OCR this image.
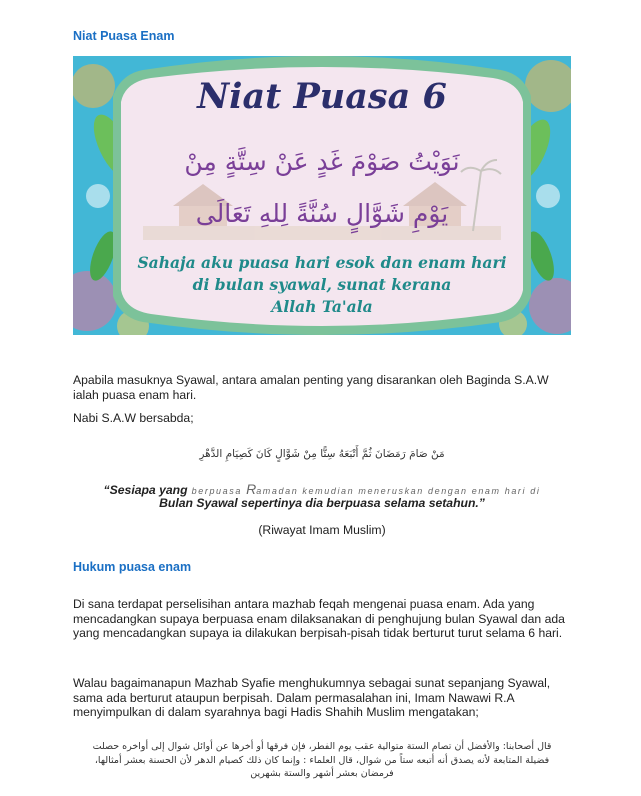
Niat Puasa Enam
Niat Puasa 6
نَوَيْتُ صَوْمَ غَدٍ عَنْ سِتَّةٍ مِنْ
يَوْمِ شَوَّالٍ سُنَّةً لِلهِ تَعَالَى
Sahaja aku puasa hari esok dan enam hari
di bulan syawal, sunat kerana
Allah Ta'ala
Apabila masuknya Syawal, antara amalan penting yang disarankan oleh Baginda S.A.W ialah puasa enam hari.
Nabi S.A.W bersabda;
مَنْ صَامَ رَمَضَانَ ثُمَّ أَتْبَعَهُ سِتًّا مِنْ شَوَّالٍ كَانَ كَصِيَامِ الدَّهْرِ
“Sesiapa yang berpuasa Ramadan kemudian meneruskan dengan enam hari di
Bulan Syawal sepertinya dia berpuasa selama setahun.”
(Riwayat Imam Muslim)
Hukum puasa enam
Di sana terdapat perselisihan antara mazhab feqah mengenai puasa enam. Ada yang mencadangkan supaya berpuasa enam dilaksanakan di penghujung bulan Syawal dan ada yang mencadangkan supaya ia dilakukan berpisah-pisah tidak berturut turut selama 6 hari.
Walau bagaimanapun Mazhab Syafie menghukumnya sebagai sunat sepanjang Syawal, sama ada berturut ataupun berpisah. Dalam permasalahan ini, Imam Nawawi R.A menyimpulkan di dalam syarahnya bagi Hadis Shahih Muslim mengatakan;
قال أصحابنا: والأفضل أن تصام الستة متوالية عقب يوم الفطر، فإن فرقها أو أخرها عن أوائل شوال إلى أواخره حصلت
فضيلة المتابعة لأنه يصدق أنه أتبعه ستاً من شوال، قال العلماء : وإنما كان ذلك كصيام الدهر لأن الحسنة بعشر أمثالها،
فرمضان بعشر أشهر والستة بشهرين
